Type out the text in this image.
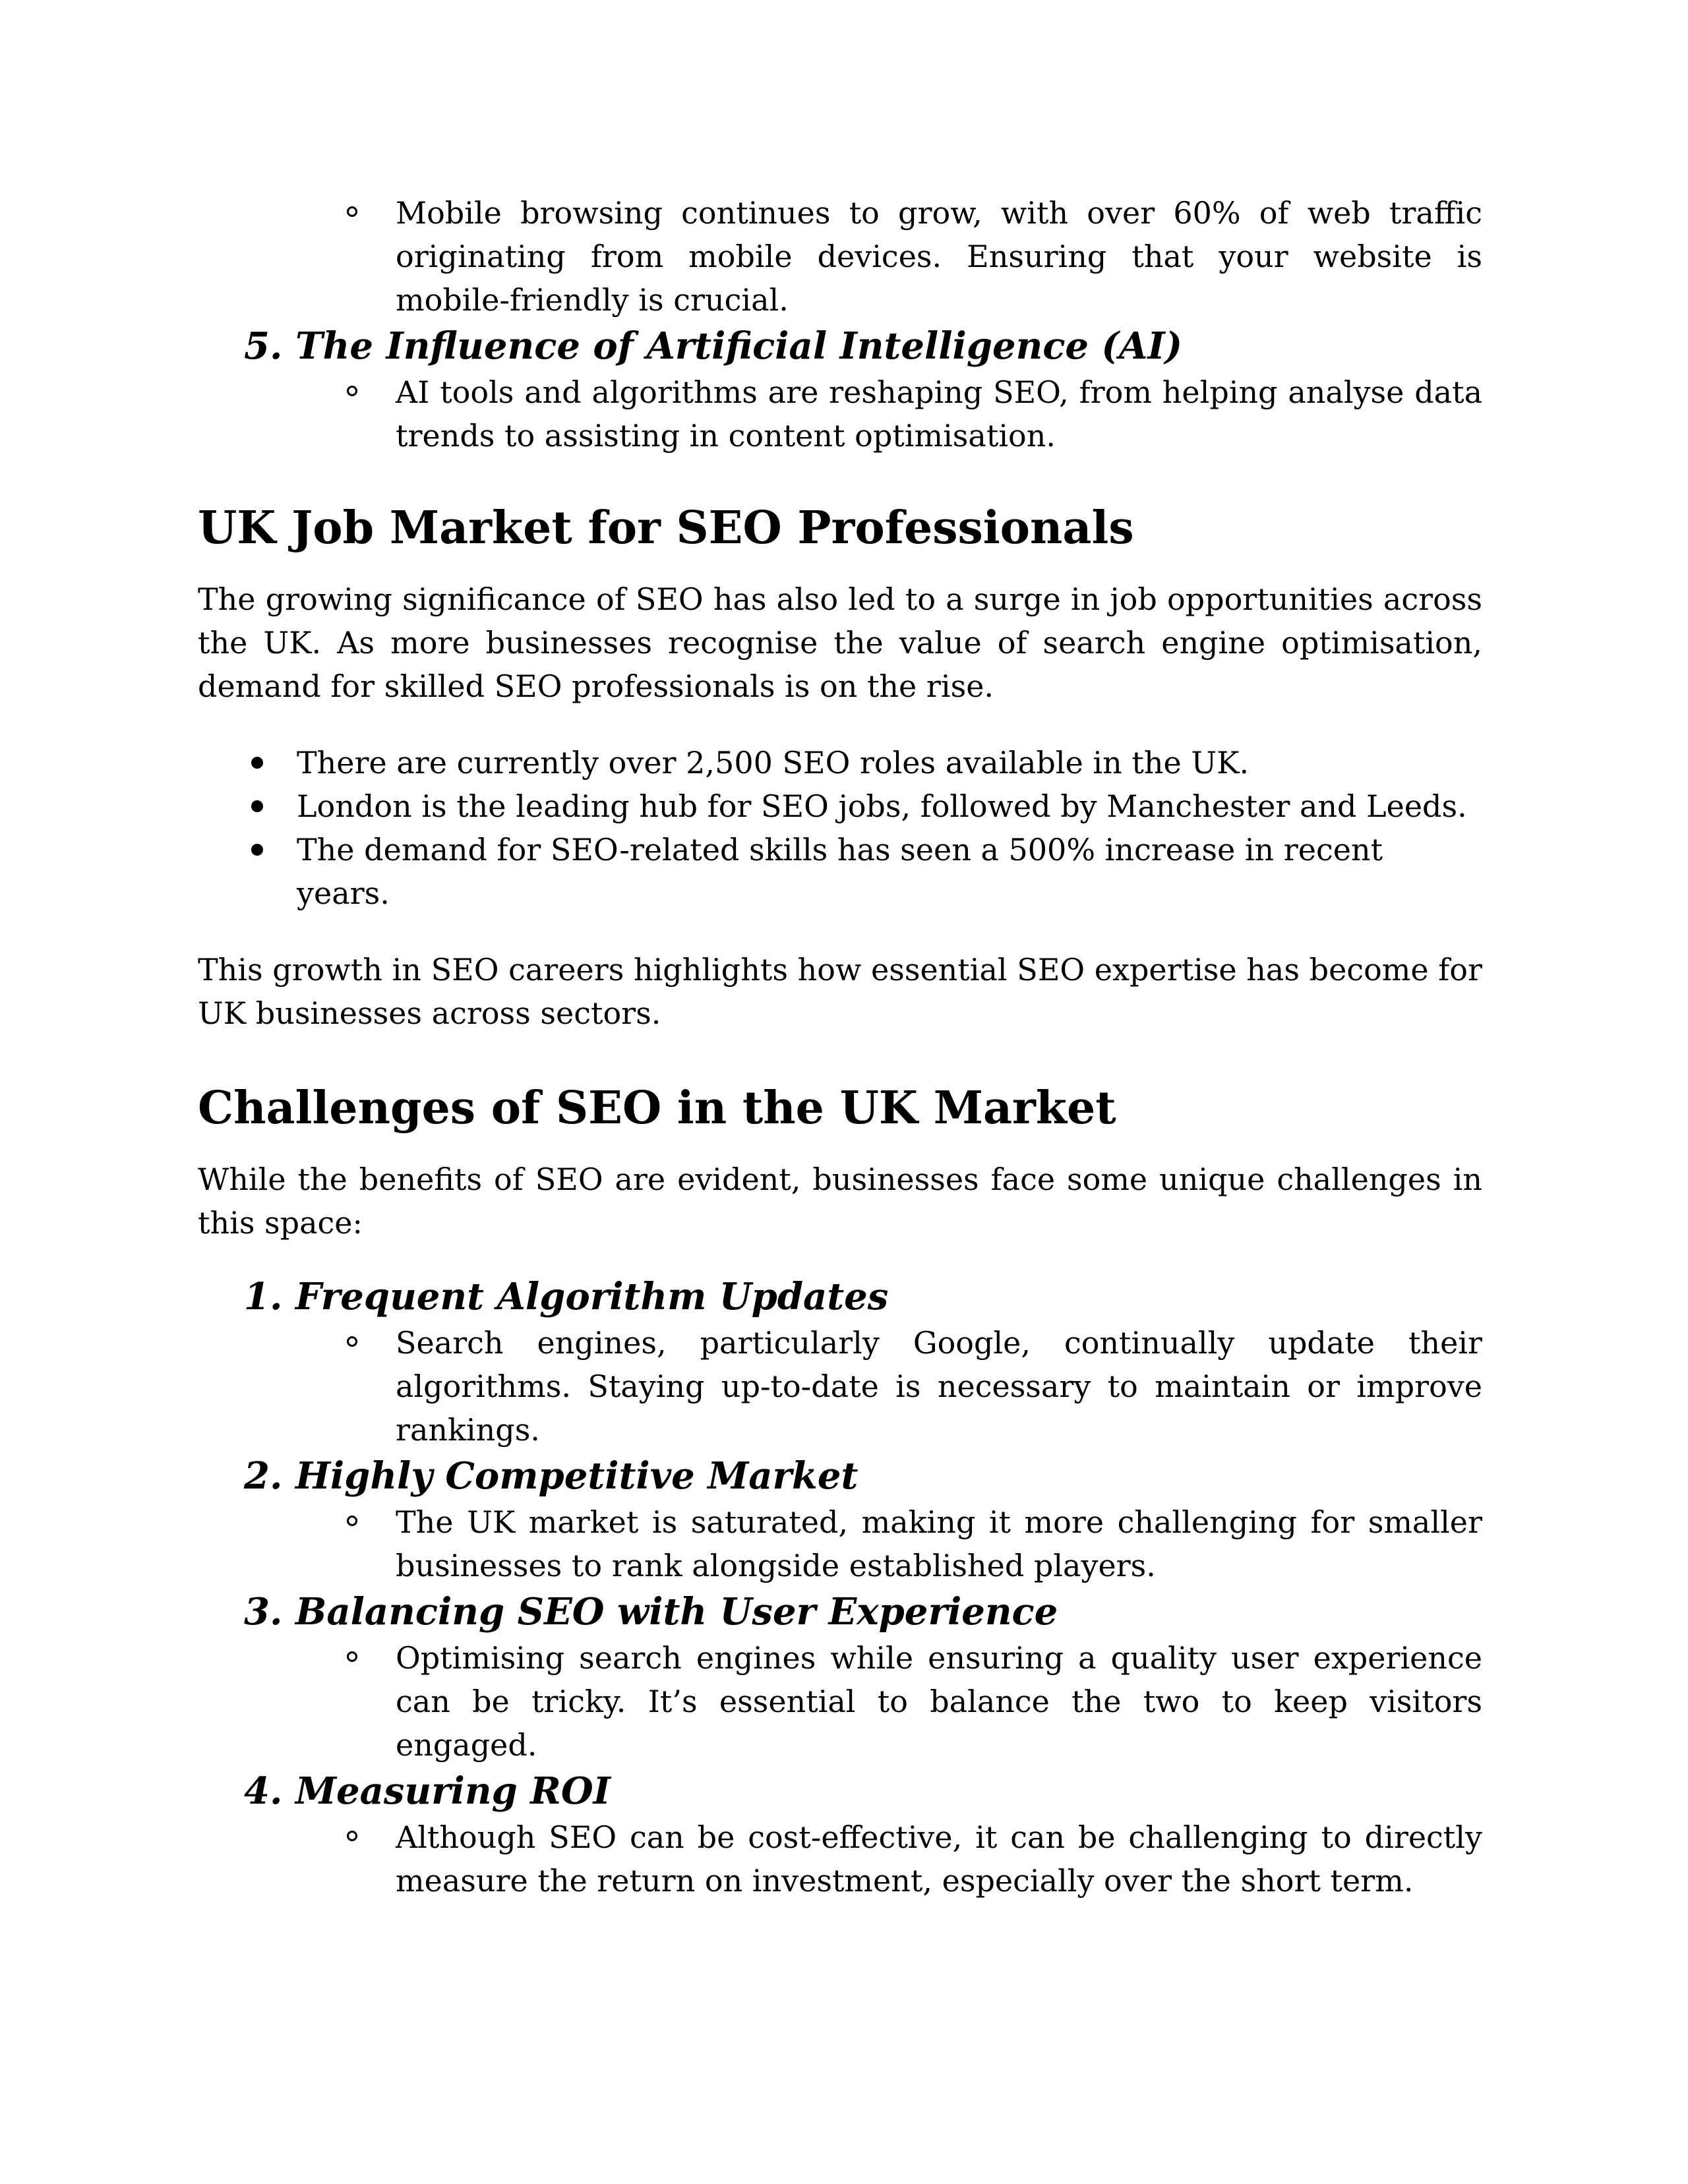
Mobile browsing continues to grow, with over 60% of web traffic originating from mobile devices. Ensuring that your website is mobile-friendly is crucial.

5. The Influence of Artificial Intelligence (AI)

AI tools and algorithms are reshaping SEO, from helping analyse data trends to assisting in content optimisation.

UK Job Market for SEO Professionals

The growing significance of SEO has also led to a surge in job opportunities across the UK. As more businesses recognise the value of search engine optimisation, demand for skilled SEO professionals is on the rise.

There are currently over 2,500 SEO roles available in the UK.

London is the leading hub for SEO jobs, followed by Manchester and Leeds.

The demand for SEO-related skills has seen a 500% increase in recent years.

This growth in SEO careers highlights how essential SEO expertise has become for UK businesses across sectors.

Challenges of SEO in the UK Market

While the benefits of SEO are evident, businesses face some unique challenges in this space:

1. Frequent Algorithm Updates

Search engines, particularly Google, continually update their algorithms. Staying up-to-date is necessary to maintain or improve rankings.

2. Highly Competitive Market

The UK market is saturated, making it more challenging for smaller businesses to rank alongside established players.

3. Balancing SEO with User Experience

Optimising search engines while ensuring a quality user experience can be tricky. It’s essential to balance the two to keep visitors engaged.

4. Measuring ROI

Although SEO can be cost-effective, it can be challenging to directly measure the return on investment, especially over the short term.
